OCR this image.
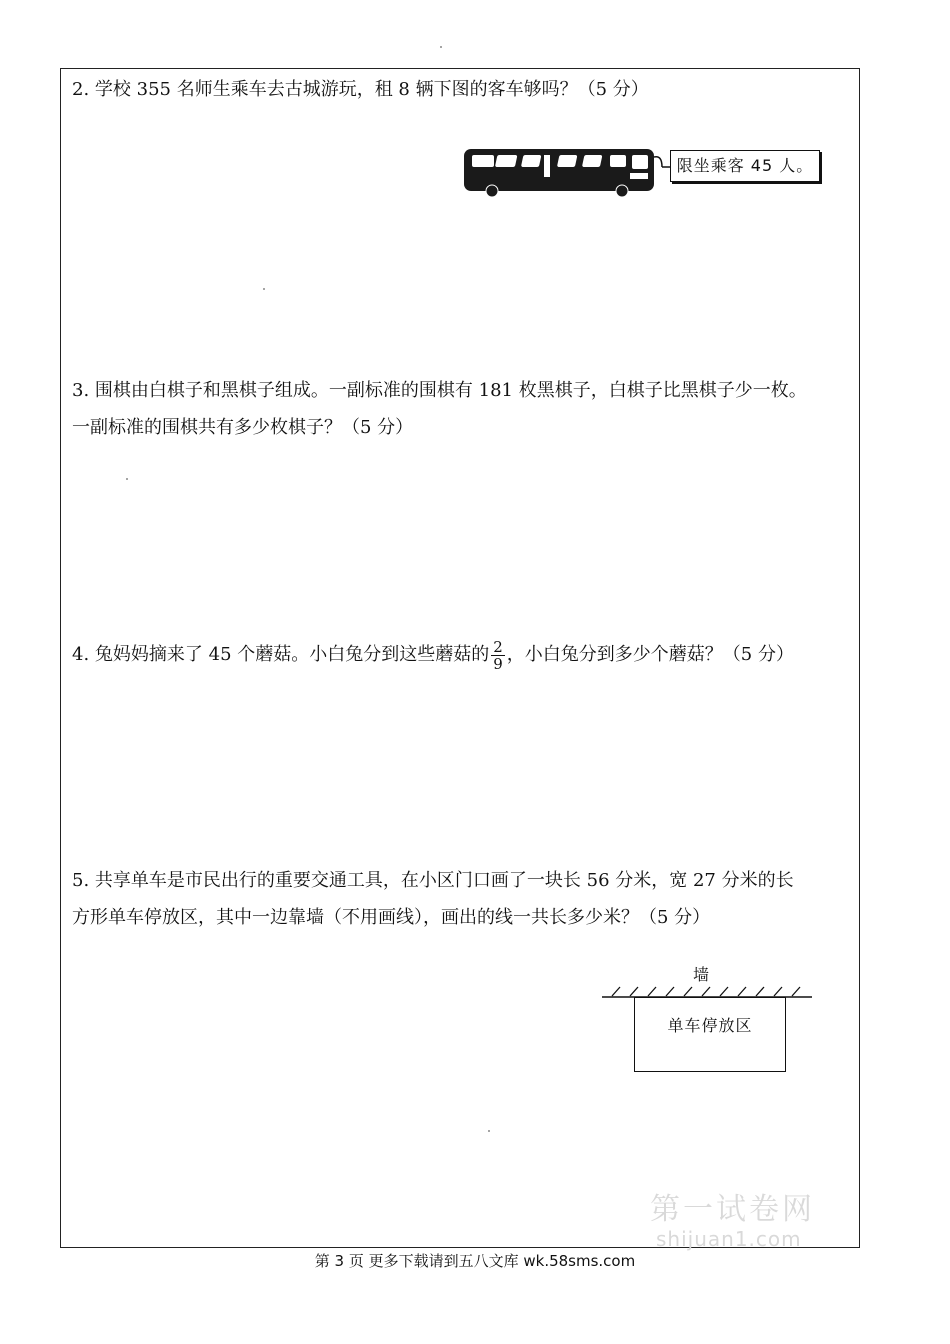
2. 学校 355 名师生乘车去古城游玩，租 8 辆下图的客车够吗？（5 分）
限坐乘客 45 人。
3. 围棋由白棋子和黑棋子组成。一副标准的围棋有 181 枚黑棋子，白棋子比黑棋子少一枚。
一副标准的围棋共有多少枚棋子？（5 分）
4. 兔妈妈摘来了 45 个蘑菇。小白兔分到这些蘑菇的 $\frac{2}{9}$ ，小白兔分到多少个蘑菇？（5 分）
5. 共享单车是市民出行的重要交通工具，在小区门口画了一块长 56 分米，宽 27 分米的长
方形单车停放区，其中一边靠墙（不用画线），画出的线一共长多少米？（5 分）
墙
单车停放区
第一试卷网
shijuan1.com
第 3 页 更多下载请到五八文库 wk.58sms.com
